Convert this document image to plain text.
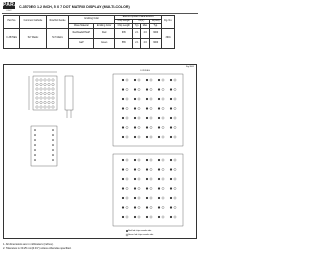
PARA
LIGHT
C-3570EG 1.2 INCH, 5 X 7 DOT MATRIX DISPLAY (MULTI-COLOR)
Part No.	Common Cathode	Row/Col Anode	Emitting Color		Electro-Optical Characteristics				Fig. No.
					Chip Length	VF(V)		Iv(mcd)	
			Wave Material	Emitting Color	Chip Length	Typ.	Max.	Typ.	
C-3570EG	5x7 Matrix	5x7 Matrix	Red/GaAsP/GaP	Red	635	2.1	2.6	3000	3901
			GaP	Green	565	2.1	2.6	3000	
Fig.3901
Red led chips anode side
Green led chips anode side
C-3570EG
1. All dimensions are in millimeters (inches).
2. Tolerance is ±0.25 mm(0.01") unless otherwise specified.
